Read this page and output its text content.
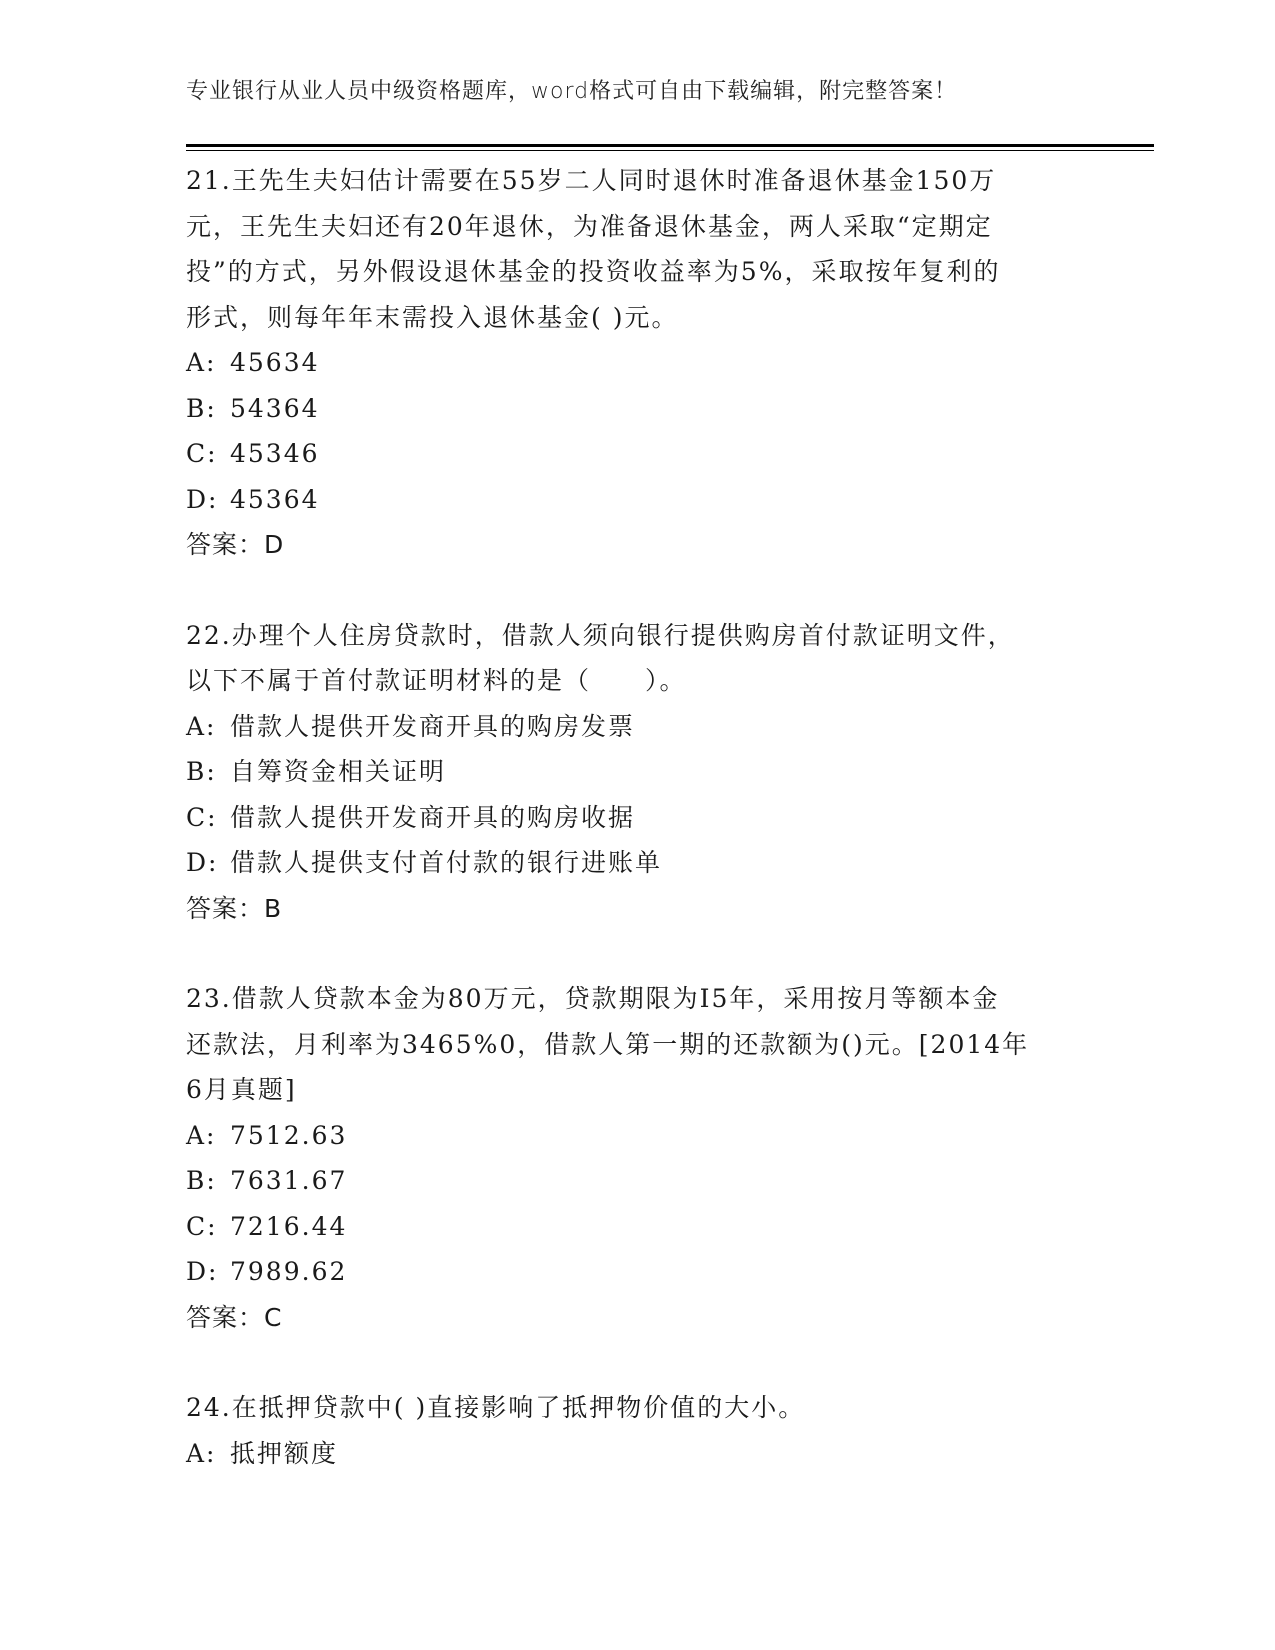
专业银行从业人员中级资格题库，word格式可自由下载编辑，附完整答案！
21.王先生夫妇估计需要在55岁二人同时退休时准备退休基金150万
元，王先生夫妇还有20年退休，为准备退休基金，两人采取“定期定
投”的方式，另外假设退休基金的投资收益率为5%，采取按年复利的
形式，则每年年末需投入退休基金( )元。
A: 45634
B: 54364
C: 45346
D: 45364
答案：D
22.办理个人住房贷款时，借款人须向银行提供购房首付款证明文件，
以下不属于首付款证明材料的是（　　）。
A: 借款人提供开发商开具的购房发票
B: 自筹资金相关证明
C: 借款人提供开发商开具的购房收据
D: 借款人提供支付首付款的银行进账单
答案：B
23.借款人贷款本金为80万元，贷款期限为I5年，采用按月等额本金
还款法，月利率为3465%0，借款人第一期的还款额为()元。[2014年
6月真题]
A: 7512.63
B: 7631.67
C: 7216.44
D: 7989.62
答案：C
24.在抵押贷款中( )直接影响了抵押物价值的大小。
A: 抵押额度
